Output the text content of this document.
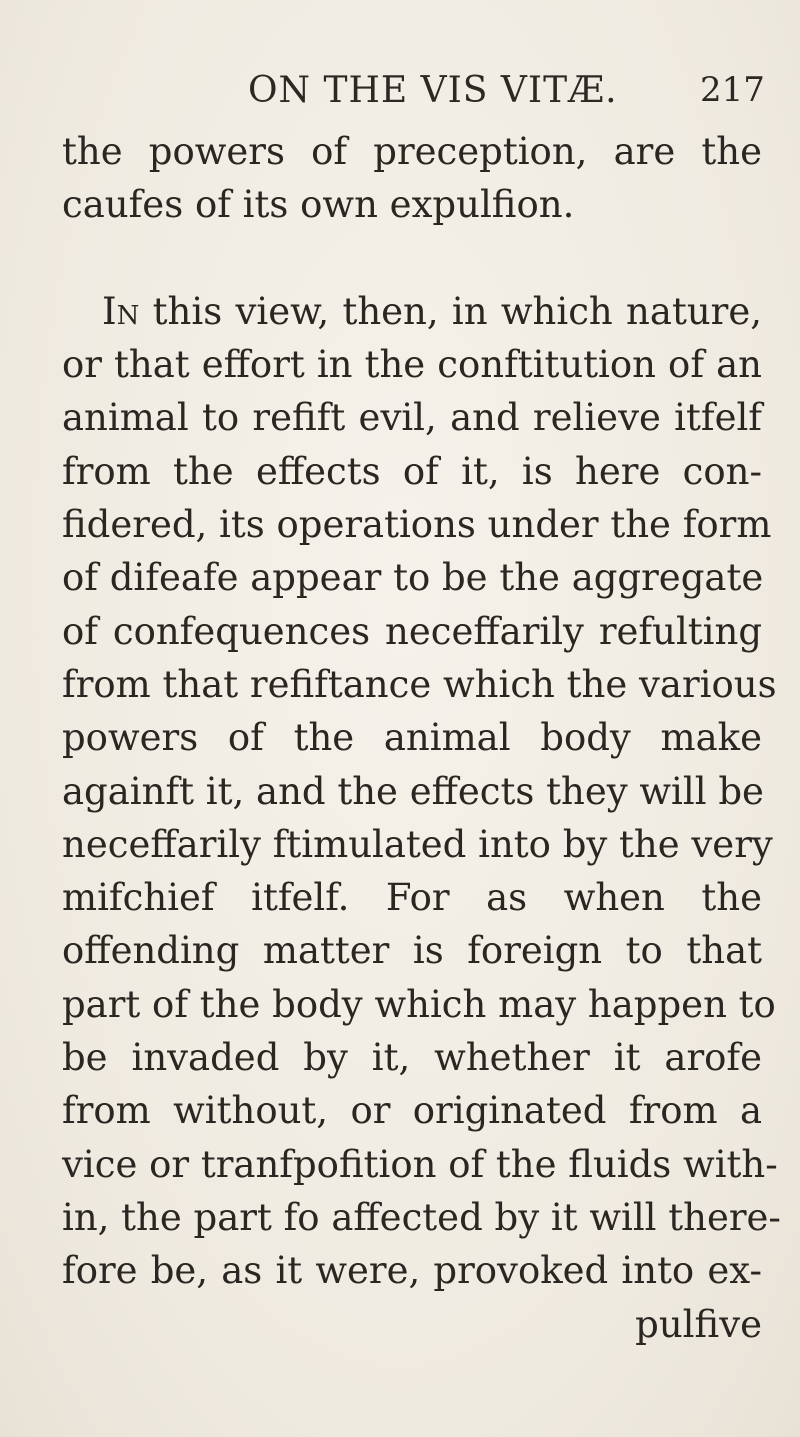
ON THE VIS VITÆ. 217
the powers of preception, are the
caufes of its own expulfion.
In this view, then, in which nature,
or that effort in the conftitution of an
animal to refift evil, and relieve itfelf
from the effects of it, is here con-
fidered, its operations under the form
of difeafe appear to be the aggregate
of confequences neceffarily refulting
from that refiftance which the various
powers of the animal body make
againft it, and the effects they will be
neceffarily ftimulated into by the very
mifchief itfelf. For as when the
offending matter is foreign to that
part of the body which may happen to
be invaded by it, whether it arofe
from without, or originated from a
vice or tranfpofition of the fluids with-
in, the part fo affected by it will there-
fore be, as it were, provoked into ex-
pulfive
